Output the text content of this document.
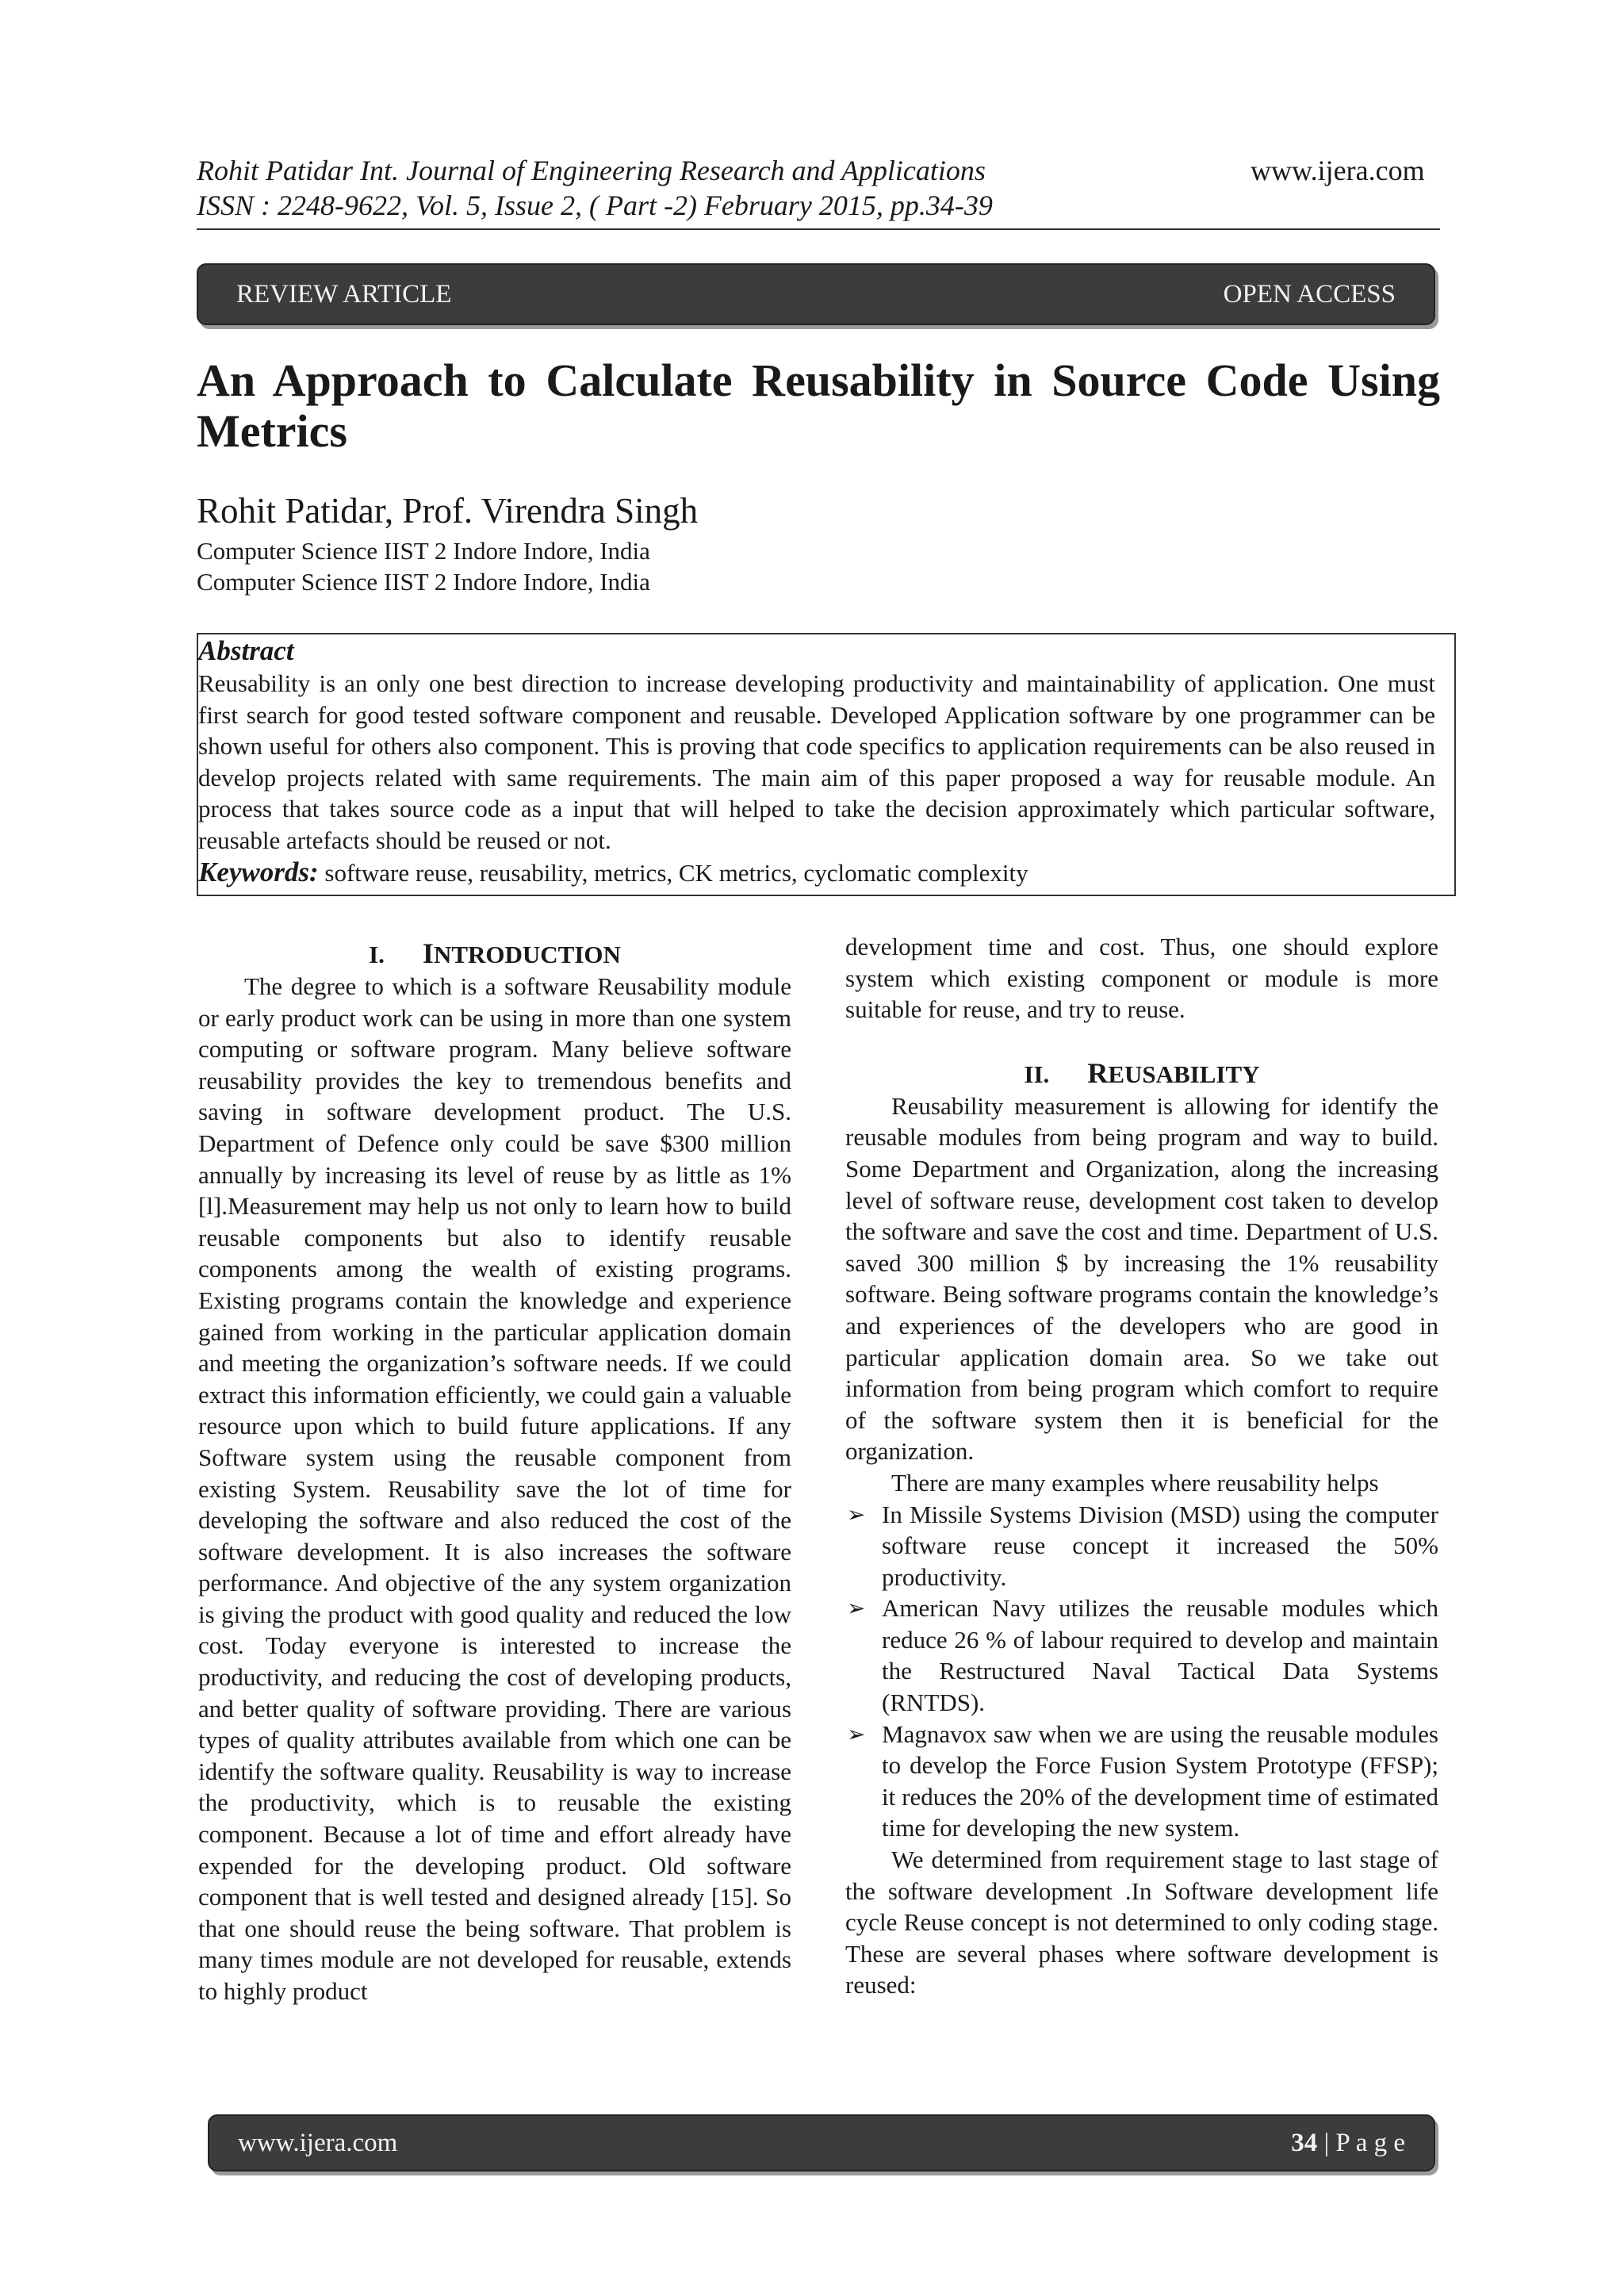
Rohit Patidar Int. Journal of Engineering Research and Applications	www.ijera.com
ISSN : 2248-9622, Vol. 5, Issue 2, ( Part -2) February 2015, pp.34-39
REVIEW ARTICLE	OPEN ACCESS
An Approach to Calculate Reusability in Source Code Using Metrics
Rohit Patidar, Prof. Virendra Singh
Computer Science IIST 2 Indore Indore, India
Computer Science IIST 2 Indore Indore, India
Abstract
Reusability is an only one best direction to increase developing productivity and maintainability of application. One must first search for good tested software component and reusable. Developed Application software by one programmer can be shown useful for others also component. This is proving that code specifics to application requirements can be also reused in develop projects related with same requirements. The main aim of this paper proposed a way for reusable module. An process that takes source code as a input that will helped to take the decision approximately which particular software, reusable artefacts should be reused or not.
Keywords: software reuse, reusability, metrics, CK metrics, cyclomatic complexity
I. INTRODUCTION

The degree to which is a software Reusability module or early product work can be using in more than one system computing or software program. Many believe software reusability provides the key to tremendous benefits and saving in software development product. The U.S. Department of Defence only could be save $300 million annually by increasing its level of reuse by as little as 1% [l].Measurement may help us not only to learn how to build reusable components but also to identify reusable components among the wealth of existing programs. Existing programs contain the knowledge and experience gained from working in the particular application domain and meeting the organization’s software needs. If we could extract this information efficiently, we could gain a valuable resource upon which to build future applications. If any Software system using the reusable component from existing System. Reusability save the lot of time for developing the software and also reduced the cost of the software development. It is also increases the software performance. And objective of the any system organization is giving the product with good quality and reduced the low cost. Today everyone is interested to increase the productivity, and reducing the cost of developing products, and better quality of software providing. There are various types of quality attributes available from which one can be identify the software quality. Reusability is way to increase the productivity, which is to reusable the existing component. Because a lot of time and effort already have expended for the developing product. Old software component that is well tested and designed already [15]. So that one should reuse the being software. That problem is many times module are not developed for reusable, extends to highly product

development time and cost. Thus, one should explore system which existing component or module is more suitable for reuse, and try to reuse.

II. REUSABILITY

Reusability measurement is allowing for identify the reusable modules from being program and way to build. Some Department and Organization, along the increasing level of software reuse, development cost taken to develop the software and save the cost and time. Department of U.S. saved 300 million $ by increasing the 1% reusability software. Being software programs contain the knowledge’s and experiences of the developers who are good in particular application domain area. So we take out information from being program which comfort to require of the software system then it is beneficial for the organization.

There are many examples where reusability helps

➢ In Missile Systems Division (MSD) using the computer software reuse concept it increased the 50% productivity.
➢ American Navy utilizes the reusable modules which reduce 26 % of labour required to develop and maintain the Restructured Naval Tactical Data Systems (RNTDS).
➢ Magnavox saw when we are using the reusable modules to develop the Force Fusion System Prototype (FFSP); it reduces the 20% of the development time of estimated time for developing the new system.

We determined from requirement stage to last stage of the software development .In Software development life cycle Reuse concept is not determined to only coding stage. These are several phases where software development is reused:

www.ijera.com	34 | P a g e
